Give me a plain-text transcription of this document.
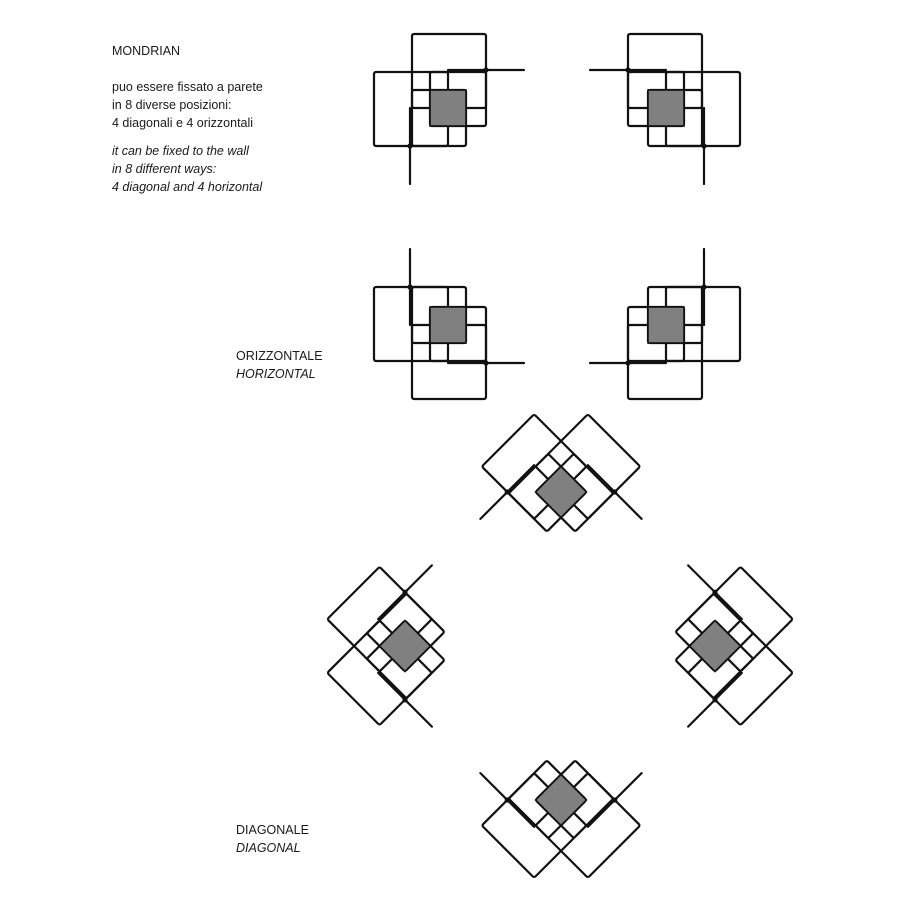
MONDRIAN
puo essere fissato a parete
in 8 diverse posizioni:
4 diagonali e 4 orizzontali
it can be fixed to the wall
in 8 different ways:
4 diagonal and 4 horizontal
ORIZZONTALE
HORIZONTAL
DIAGONALE
DIAGONAL
